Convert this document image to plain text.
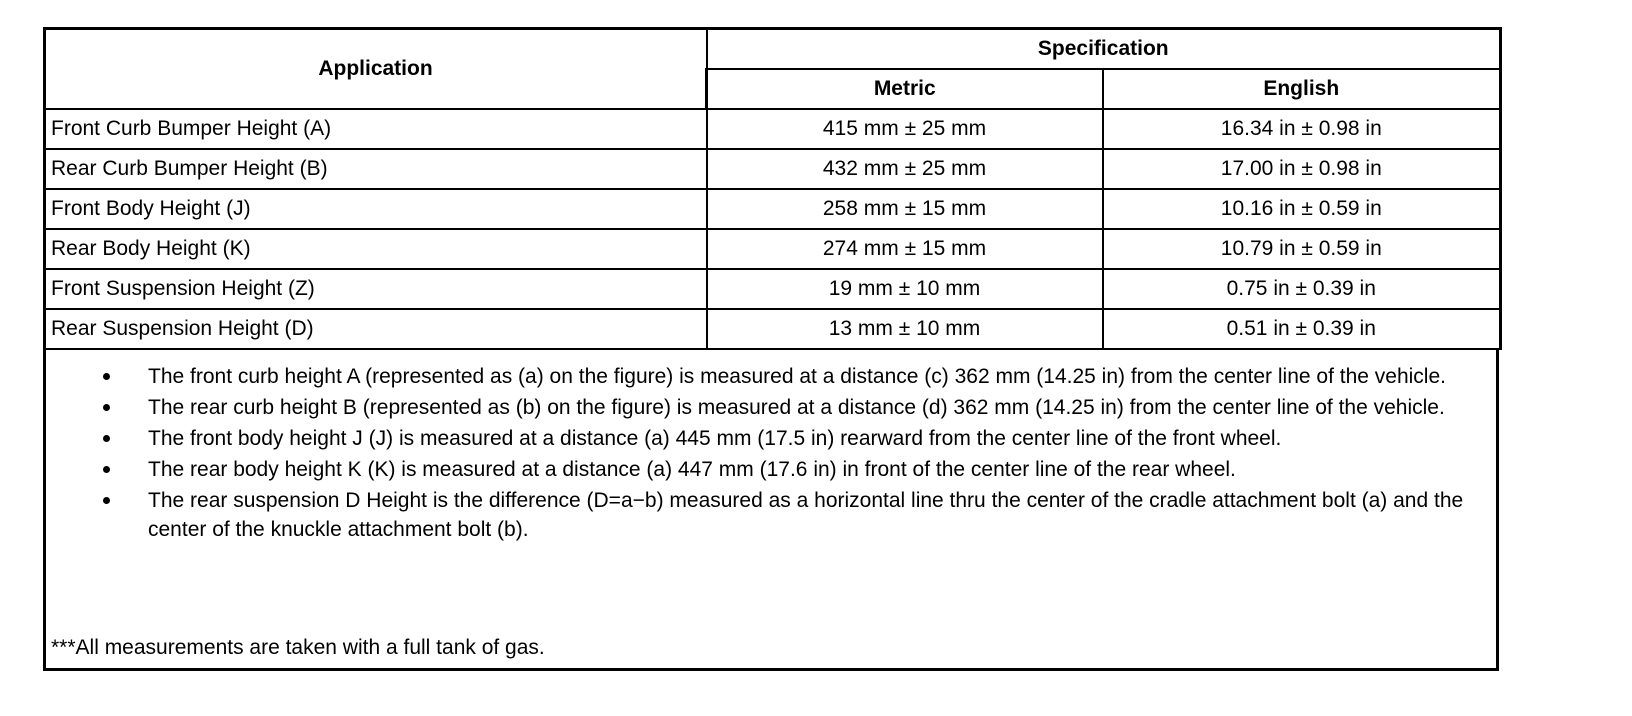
Application	Specification	
	Metric	English
Front Curb Bumper Height (A)	415 mm ± 25 mm	16.34 in ± 0.98 in
Rear Curb Bumper Height (B)	432 mm ± 25 mm	17.00 in ± 0.98 in
Front Body Height (J)	258 mm ± 15 mm	10.16 in ± 0.59 in
Rear Body Height (K)	274 mm ± 15 mm	10.79 in ± 0.59 in
Front Suspension Height (Z)	19 mm ± 10 mm	0.75 in ± 0.39 in
Rear Suspension Height (D)	13 mm ± 10 mm	0.51 in ± 0.39 in
The front curb height A (represented as (a) on the figure) is measured at a distance (c) 362 mm (14.25 in) from the center line of the vehicle.
The rear curb height B (represented as (b) on the figure) is measured at a distance (d) 362 mm (14.25 in) from the center line of the vehicle.
The front body height J (J) is measured at a distance (a) 445 mm (17.5 in) rearward from the center line of the front wheel.
The rear body height K (K) is measured at a distance (a) 447 mm (17.6 in) in front of the center line of the rear wheel.
The rear suspension D Height is the difference (D=a−b) measured as a horizontal line thru the center of the cradle attachment bolt (a) and the center of the knuckle attachment bolt (b).
***All measurements are taken with a full tank of gas.
